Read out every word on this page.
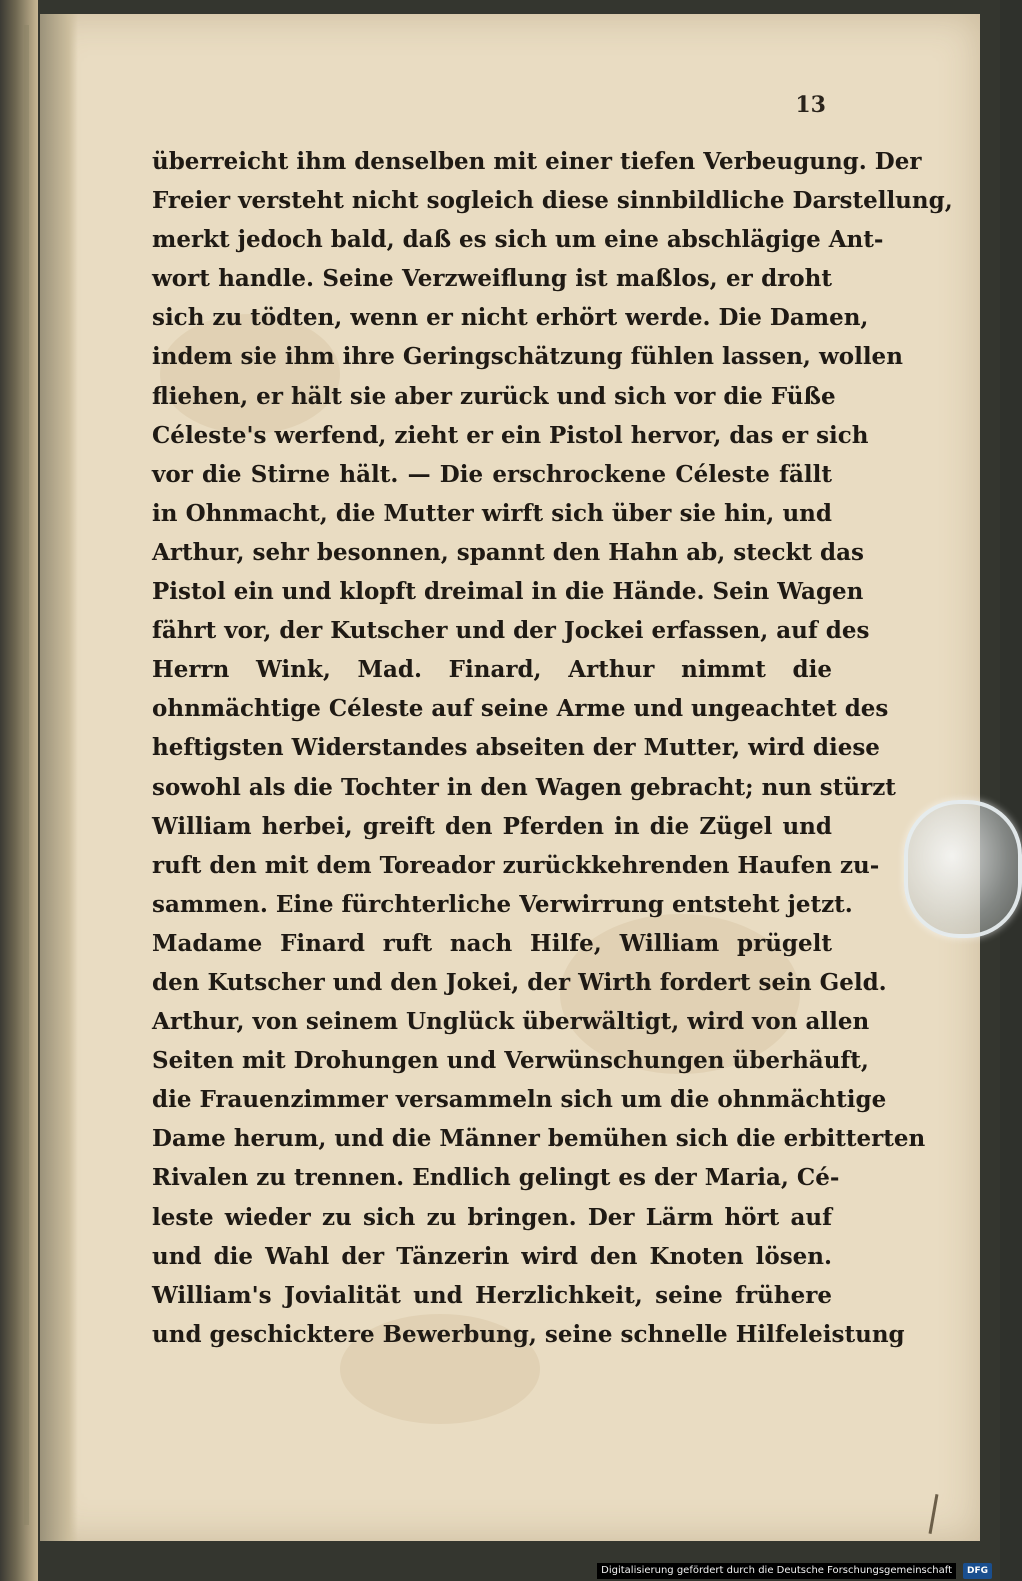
13
überreicht ihm denselben mit einer tiefen Verbeugung. Der
Freier versteht nicht sogleich diese sinnbildliche Darstellung,
merkt jedoch bald, daß es sich um eine abschlägige Ant-
wort handle. Seine Verzweiflung ist maßlos, er droht
sich zu tödten, wenn er nicht erhört werde. Die Damen,
indem sie ihm ihre Geringschätzung fühlen lassen, wollen
fliehen, er hält sie aber zurück und sich vor die Füße
Céleste's werfend, zieht er ein Pistol hervor, das er sich
vor die Stirne hält. — Die erschrockene Céleste fällt
in Ohnmacht, die Mutter wirft sich über sie hin, und
Arthur, sehr besonnen, spannt den Hahn ab, steckt das
Pistol ein und klopft dreimal in die Hände. Sein Wagen
fährt vor, der Kutscher und der Jockei erfassen, auf des
Herrn Wink, Mad. Finard, Arthur nimmt die
ohnmächtige Céleste auf seine Arme und ungeachtet des
heftigsten Widerstandes abseiten der Mutter, wird diese
sowohl als die Tochter in den Wagen gebracht; nun stürzt
William herbei, greift den Pferden in die Zügel und
ruft den mit dem Toreador zurückkehrenden Haufen zu-
sammen. Eine fürchterliche Verwirrung entsteht jetzt.
Madame Finard ruft nach Hilfe, William prügelt
den Kutscher und den Jokei, der Wirth fordert sein Geld.
Arthur, von seinem Unglück überwältigt, wird von allen
Seiten mit Drohungen und Verwünschungen überhäuft,
die Frauenzimmer versammeln sich um die ohnmächtige
Dame herum, und die Männer bemühen sich die erbitterten
Rivalen zu trennen. Endlich gelingt es der Maria, Cé-
leste wieder zu sich zu bringen. Der Lärm hört auf
und die Wahl der Tänzerin wird den Knoten lösen.
William's Jovialität und Herzlichkeit, seine frühere
und geschicktere Bewerbung, seine schnelle Hilfeleistung
Digitalisierung gefördert durch die Deutsche Forschungsgemeinschaft	DFG
